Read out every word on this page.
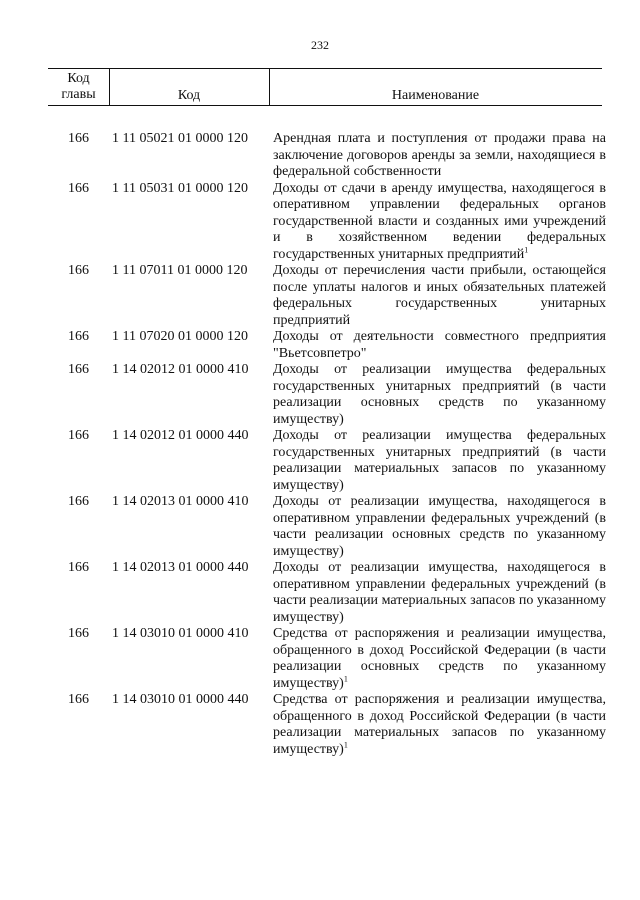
232
Код
главы	Код	Наименование
166	1 11 05021 01 0000 120	Арендная плата и поступления от продажи права на заключение договоров аренды за земли, находящиеся в федеральной собственности
166	1 11 05031 01 0000 120	Доходы от сдачи в аренду имущества, находящегося в оперативном управлении федеральных органов государственной власти и созданных ими учреждений и в хозяйственном ведении федеральных государственных унитарных предприятий$^1$
166	1 11 07011 01 0000 120	Доходы от перечисления части прибыли, остающейся после уплаты налогов и иных обязательных платежей федеральных государственных унитарных предприятий
166	1 11 07020 01 0000 120	Доходы от деятельности совместного предприятия "Вьетсовпетро"
166	1 14 02012 01 0000 410	Доходы от реализации имущества федеральных государственных унитарных предприятий (в части реализации основных средств по указанному имуществу)
166	1 14 02012 01 0000 440	Доходы от реализации имущества федеральных государственных унитарных предприятий (в части реализации материальных запасов по указанному имуществу)
166	1 14 02013 01 0000 410	Доходы от реализации имущества, находящегося в оперативном управлении федеральных учреждений (в части реализации основных средств по указанному имуществу)
166	1 14 02013 01 0000 440	Доходы от реализации имущества, находящегося в оперативном управлении федеральных учреждений (в части реализации материальных запасов по указанному имуществу)
166	1 14 03010 01 0000 410	Средства от распоряжения и реализации имущества, обращенного в доход Российской Федерации (в части реализации основных средств по указанному имуществу)$^1$
166	1 14 03010 01 0000 440	Средства от распоряжения и реализации имущества, обращенного в доход Российской Федерации (в части реализации материальных запасов по указанному имуществу)$^1$
